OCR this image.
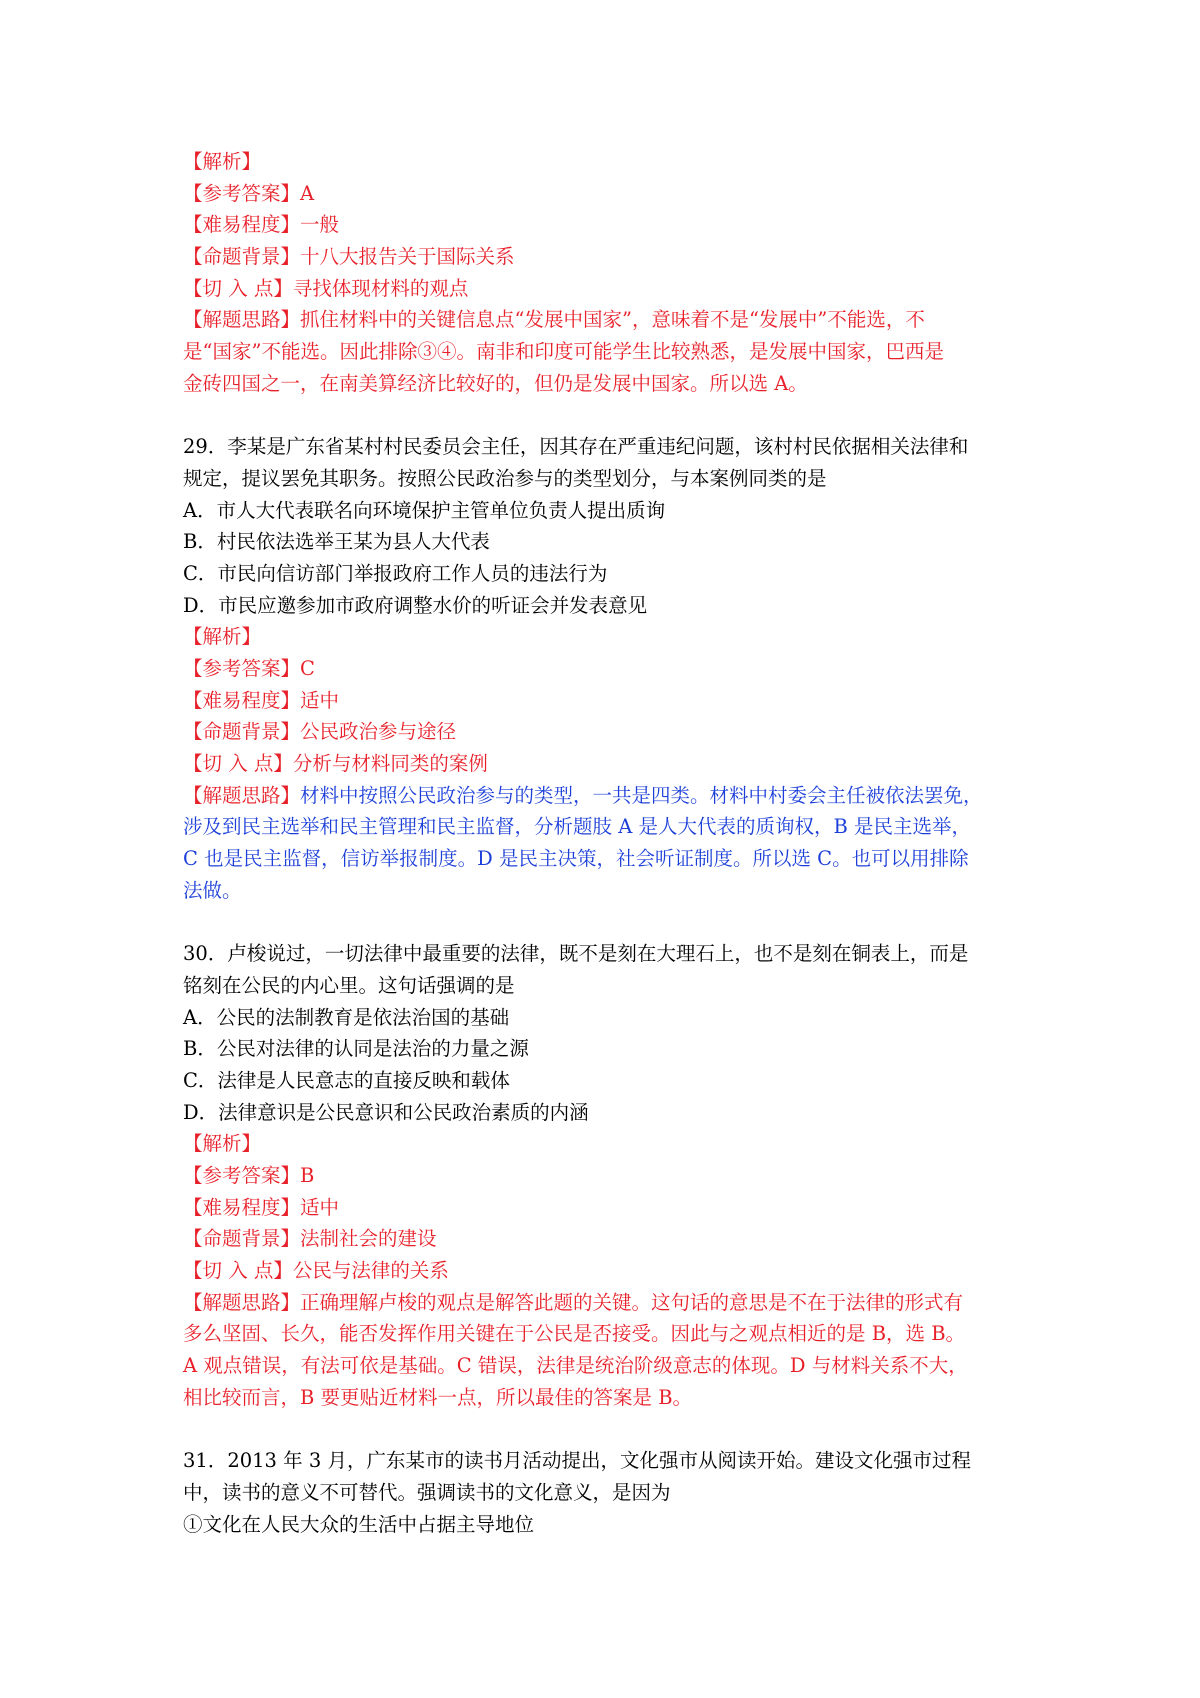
【解析】
【参考答案】A
【难易程度】一般
【命题背景】十八大报告关于国际关系
【切 入 点】寻找体现材料的观点
【解题思路】抓住材料中的关键信息点“发展中国家”，意味着不是“发展中”不能选，不
是“国家”不能选。因此排除③④。南非和印度可能学生比较熟悉，是发展中国家，巴西是
金砖四国之一，在南美算经济比较好的，但仍是发展中国家。所以选 A。
29．李某是广东省某村村民委员会主任，因其存在严重违纪问题，该村村民依据相关法律和
规定，提议罢免其职务。按照公民政治参与的类型划分，与本案例同类的是
A．市人大代表联名向环境保护主管单位负责人提出质询
B．村民依法选举王某为县人大代表
C．市民向信访部门举报政府工作人员的违法行为
D．市民应邀参加市政府调整水价的听证会并发表意见
【解析】
【参考答案】C
【难易程度】适中
【命题背景】公民政治参与途径
【切 入 点】分析与材料同类的案例
【解题思路】材料中按照公民政治参与的类型，一共是四类。材料中村委会主任被依法罢免，
涉及到民主选举和民主管理和民主监督，分析题肢 A 是人大代表的质询权，B 是民主选举，
C 也是民主监督，信访举报制度。D 是民主决策，社会听证制度。所以选 C。也可以用排除
法做。
30．卢梭说过，一切法律中最重要的法律，既不是刻在大理石上，也不是刻在铜表上，而是
铭刻在公民的内心里。这句话强调的是
A．公民的法制教育是依法治国的基础
B．公民对法律的认同是法治的力量之源
C．法律是人民意志的直接反映和载体
D．法律意识是公民意识和公民政治素质的内涵
【解析】
【参考答案】B
【难易程度】适中
【命题背景】法制社会的建设
【切 入 点】公民与法律的关系
【解题思路】正确理解卢梭的观点是解答此题的关键。这句话的意思是不在于法律的形式有
多么坚固、长久，能否发挥作用关键在于公民是否接受。因此与之观点相近的是 B，选 B。
A 观点错误，有法可依是基础。C 错误，法律是统治阶级意志的体现。D 与材料关系不大，
相比较而言，B 要更贴近材料一点，所以最佳的答案是 B。
31．2013 年 3 月，广东某市的读书月活动提出，文化强市从阅读开始。建设文化强市过程
中，读书的意义不可替代。强调读书的文化意义，是因为
①文化在人民大众的生活中占据主导地位
